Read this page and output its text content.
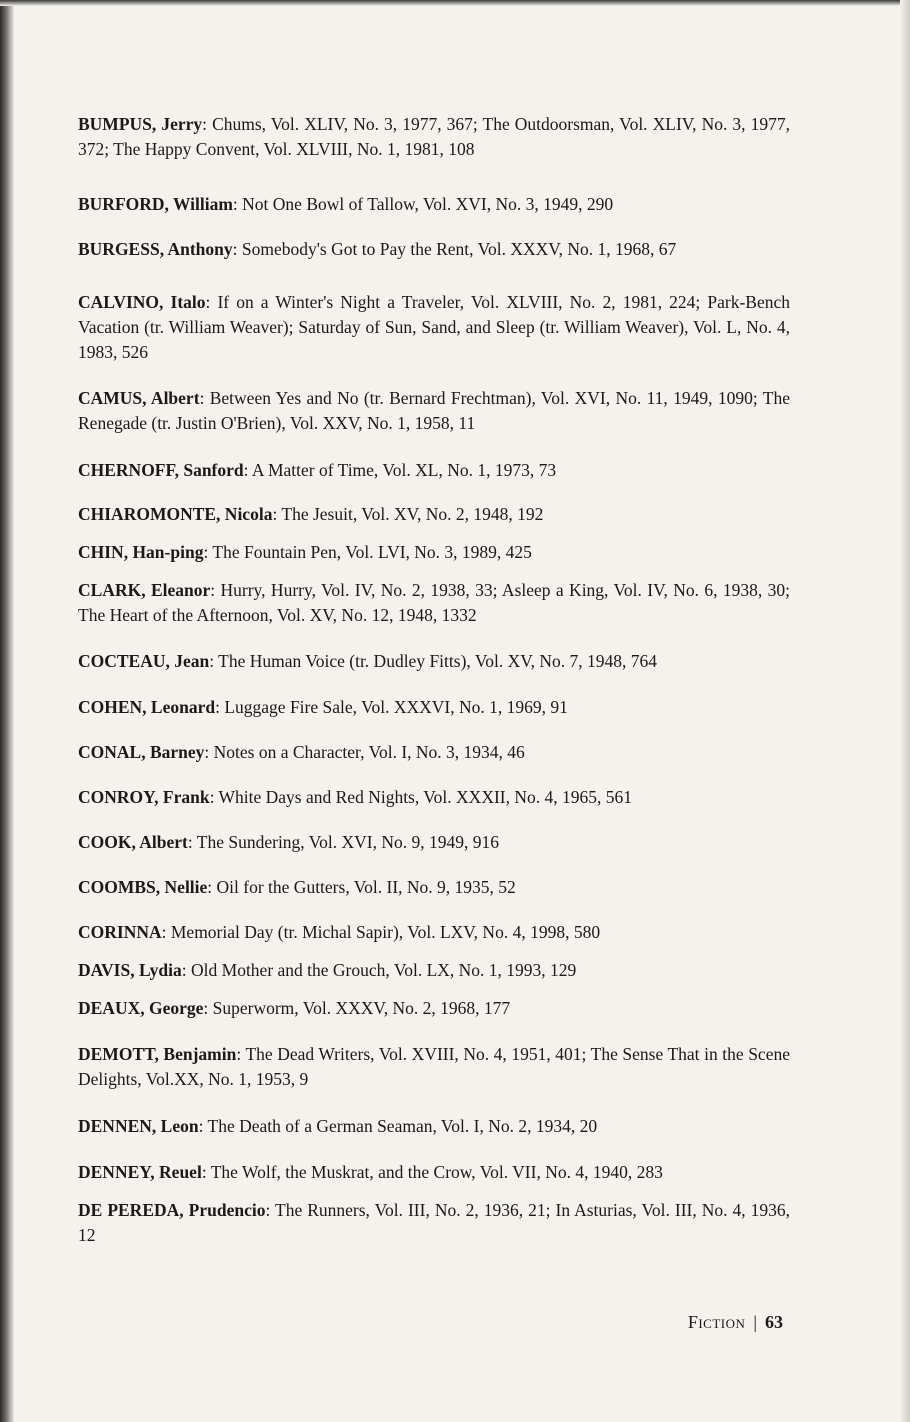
BUMPUS, Jerry: Chums, Vol. XLIV, No. 3, 1977, 367; The Outdoorsman, Vol. XLIV, No. 3, 1977, 372; The Happy Convent, Vol. XLVIII, No. 1, 1981, 108

BURFORD, William: Not One Bowl of Tallow, Vol. XVI, No. 3, 1949, 290

BURGESS, Anthony: Somebody's Got to Pay the Rent, Vol. XXXV, No. 1, 1968, 67

CALVINO, Italo: If on a Winter's Night a Traveler, Vol. XLVIII, No. 2, 1981, 224; Park-Bench Vacation (tr. William Weaver); Saturday of Sun, Sand, and Sleep (tr. William Weaver), Vol. L, No. 4, 1983, 526

CAMUS, Albert: Between Yes and No (tr. Bernard Frechtman), Vol. XVI, No. 11, 1949, 1090; The Renegade (tr. Justin O'Brien), Vol. XXV, No. 1, 1958, 11

CHERNOFF, Sanford: A Matter of Time, Vol. XL, No. 1, 1973, 73

CHIAROMONTE, Nicola: The Jesuit, Vol. XV, No. 2, 1948, 192

CHIN, Han-ping: The Fountain Pen, Vol. LVI, No. 3, 1989, 425

CLARK, Eleanor: Hurry, Hurry, Vol. IV, No. 2, 1938, 33; Asleep a King, Vol. IV, No. 6, 1938, 30; The Heart of the Afternoon, Vol. XV, No. 12, 1948, 1332

COCTEAU, Jean: The Human Voice (tr. Dudley Fitts), Vol. XV, No. 7, 1948, 764

COHEN, Leonard: Luggage Fire Sale, Vol. XXXVI, No. 1, 1969, 91

CONAL, Barney: Notes on a Character, Vol. I, No. 3, 1934, 46

CONROY, Frank: White Days and Red Nights, Vol. XXXII, No. 4, 1965, 561

COOK, Albert: The Sundering, Vol. XVI, No. 9, 1949, 916

COOMBS, Nellie: Oil for the Gutters, Vol. II, No. 9, 1935, 52

CORINNA: Memorial Day (tr. Michal Sapir), Vol. LXV, No. 4, 1998, 580

DAVIS, Lydia: Old Mother and the Grouch, Vol. LX, No. 1, 1993, 129

DEAUX, George: Superworm, Vol. XXXV, No. 2, 1968, 177

DEMOTT, Benjamin: The Dead Writers, Vol. XVIII, No. 4, 1951, 401; The Sense That in the Scene Delights, Vol.XX, No. 1, 1953, 9

DENNEN, Leon: The Death of a German Seaman, Vol. I, No. 2, 1934, 20

DENNEY, Reuel: The Wolf, the Muskrat, and the Crow, Vol. VII, No. 4, 1940, 283

DE PEREDA, Prudencio: The Runners, Vol. III, No. 2, 1936, 21; In Asturias, Vol. III, No. 4, 1936, 12

Fiction | 63
